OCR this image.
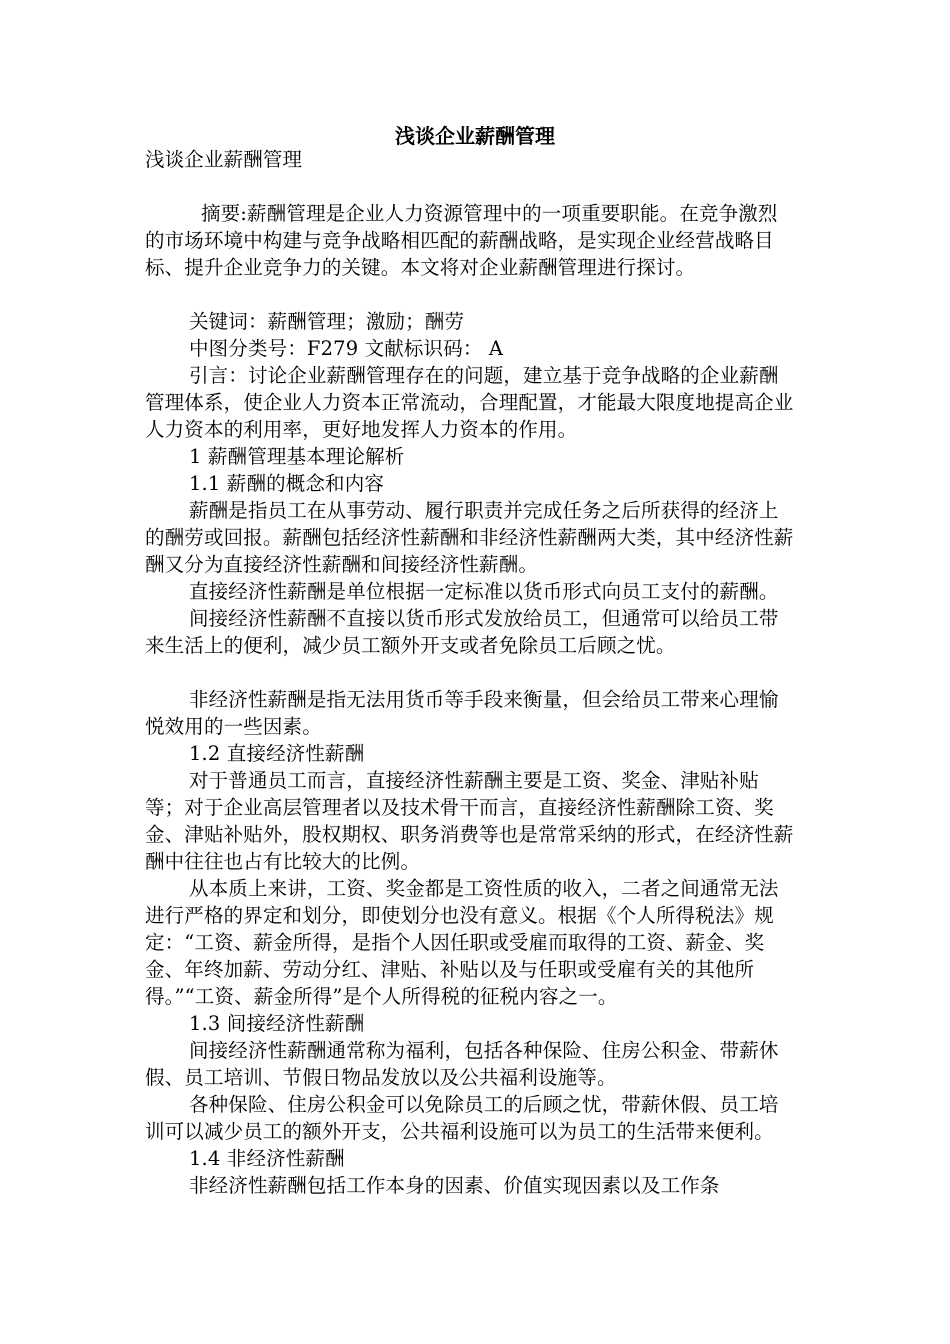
浅谈企业薪酬管理

浅谈企业薪酬管理

摘要:薪酬管理是企业人力资源管理中的一项重要职能。在竞争激烈的市场环境中构建与竞争战略相匹配的薪酬战略，是实现企业经营战略目标、提升企业竞争力的关键。本文将对企业薪酬管理进行探讨。

关键词：薪酬管理；激励；酬劳

中图分类号：F279 文献标识码： A

引言：讨论企业薪酬管理存在的问题，建立基于竞争战略的企业薪酬管理体系，使企业人力资本正常流动，合理配置，才能最大限度地提高企业人力资本的利用率，更好地发挥人力资本的作用。

1 薪酬管理基本理论解析

1.1 薪酬的概念和内容

薪酬是指员工在从事劳动、履行职责并完成任务之后所获得的经济上的酬劳或回报。薪酬包括经济性薪酬和非经济性薪酬两大类，其中经济性薪酬又分为直接经济性薪酬和间接经济性薪酬。

直接经济性薪酬是单位根据一定标准以货币形式向员工支付的薪酬。

间接经济性薪酬不直接以货币形式发放给员工，但通常可以给员工带来生活上的便利，减少员工额外开支或者免除员工后顾之忧。

非经济性薪酬是指无法用货币等手段来衡量，但会给员工带来心理愉悦效用的一些因素。

1.2 直接经济性薪酬

对于普通员工而言，直接经济性薪酬主要是工资、奖金、津贴补贴等；对于企业高层管理者以及技术骨干而言，直接经济性薪酬除工资、奖金、津贴补贴外，股权期权、职务消费等也是常常采纳的形式，在经济性薪酬中往往也占有比较大的比例。

从本质上来讲，工资、奖金都是工资性质的收入，二者之间通常无法进行严格的界定和划分，即使划分也没有意义。根据《个人所得税法》规定：“工资、薪金所得，是指个人因任职或受雇而取得的工资、薪金、奖金、年终加薪、劳动分红、津贴、补贴以及与任职或受雇有关的其他所得。”“工资、薪金所得”是个人所得税的征税内容之一。

1.3 间接经济性薪酬

间接经济性薪酬通常称为福利，包括各种保险、住房公积金、带薪休假、员工培训、节假日物品发放以及公共福利设施等。

各种保险、住房公积金可以免除员工的后顾之忧，带薪休假、员工培训可以减少员工的额外开支，公共福利设施可以为员工的生活带来便利。

1.4 非经济性薪酬

非经济性薪酬包括工作本身的因素、价值实现因素以及工作条
